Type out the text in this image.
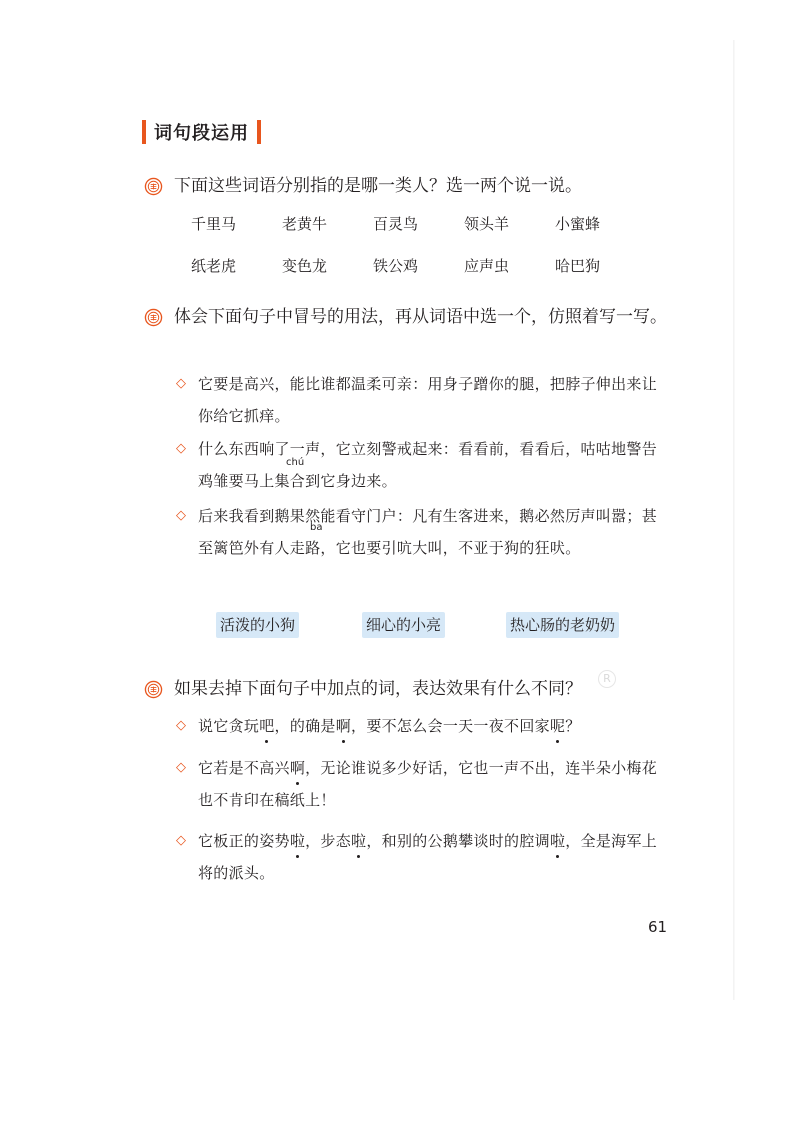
词句段运用
下面这些词语分别指的是哪一类人？选一两个说一说。
千里马	老黄牛	百灵鸟	领头羊	小蜜蜂
纸老虎	变色龙	铁公鸡	应声虫	哈巴狗
体会下面句子中冒号的用法，再从词语中选一个，仿照着写一写。
◇ 它要是高兴，能比谁都温柔可亲：用身子蹭你的腿，把脖子伸出来让你给它抓痒。
◇ 什么东西响了一声，它立刻警戒起来：看看前，看看后，咕咕地警告鸡雏要马上集合到它身边来。
chú
◇ 后来我看到鹅果然能看守门户：凡有生客进来，鹅必然厉声叫嚣；甚至篱笆外有人走路，它也要引吭大叫，不亚于狗的狂吠。
ba
活泼的小狗	细心的小亮	热心肠的老奶奶
R
如果去掉下面句子中加点的词，表达效果有什么不同？
◇ 说它贪玩吧，的确是啊，要不怎么会一天一夜不回家呢？
◇ 它若是不高兴啊，无论谁说多少好话，它也一声不出，连半朵小梅花也不肯印在稿纸上！
◇ 它板正的姿势啦，步态啦，和别的公鹅攀谈时的腔调啦，全是海军上将的派头。
61
